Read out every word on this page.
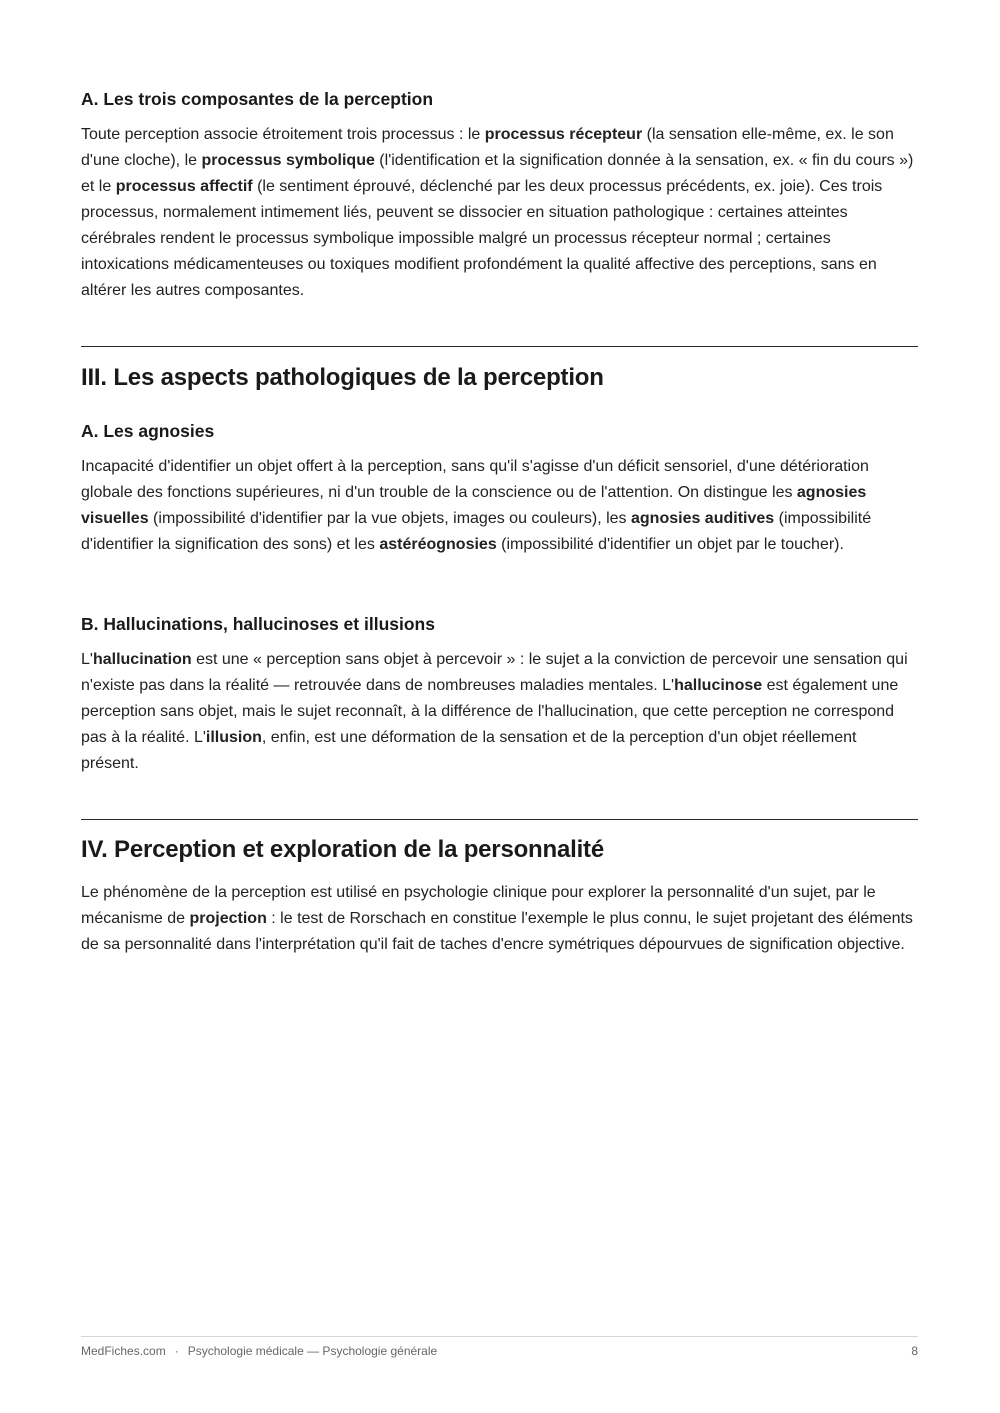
A. Les trois composantes de la perception

Toute perception associe étroitement trois processus : le processus récepteur (la sensation elle-même, ex. le son d'une cloche), le processus symbolique (l'identification et la signification donnée à la sensation, ex. « fin du cours ») et le processus affectif (le sentiment éprouvé, déclenché par les deux processus précédents, ex. joie). Ces trois processus, normalement intimement liés, peuvent se dissocier en situation pathologique : certaines atteintes cérébrales rendent le processus symbolique impossible malgré un processus récepteur normal ; certaines intoxications médicamenteuses ou toxiques modifient profondément la qualité affective des perceptions, sans en altérer les autres composantes.

III. Les aspects pathologiques de la perception
A. Les agnosies

Incapacité d'identifier un objet offert à la perception, sans qu'il s'agisse d'un déficit sensoriel, d'une détérioration globale des fonctions supérieures, ni d'un trouble de la conscience ou de l'attention. On distingue les agnosies visuelles (impossibilité d'identifier par la vue objets, images ou couleurs), les agnosies auditives (impossibilité d'identifier la signification des sons) et les astéréognosies (impossibilité d'identifier un objet par le toucher).

B. Hallucinations, hallucinoses et illusions

L'hallucination est une « perception sans objet à percevoir » : le sujet a la conviction de percevoir une sensation qui n'existe pas dans la réalité — retrouvée dans de nombreuses maladies mentales. L'hallucinose est également une perception sans objet, mais le sujet reconnaît, à la différence de l'hallucination, que cette perception ne correspond pas à la réalité. L'illusion, enfin, est une déformation de la sensation et de la perception d'un objet réellement présent.

IV. Perception et exploration de la personnalité

Le phénomène de la perception est utilisé en psychologie clinique pour explorer la personnalité d'un sujet, par le mécanisme de projection : le test de Rorschach en constitue l'exemple le plus connu, le sujet projetant des éléments de sa personnalité dans l'interprétation qu'il fait de taches d'encre symétriques dépourvues de signification objective.

MedFiches.com · Psychologie médicale — Psychologie générale	8
